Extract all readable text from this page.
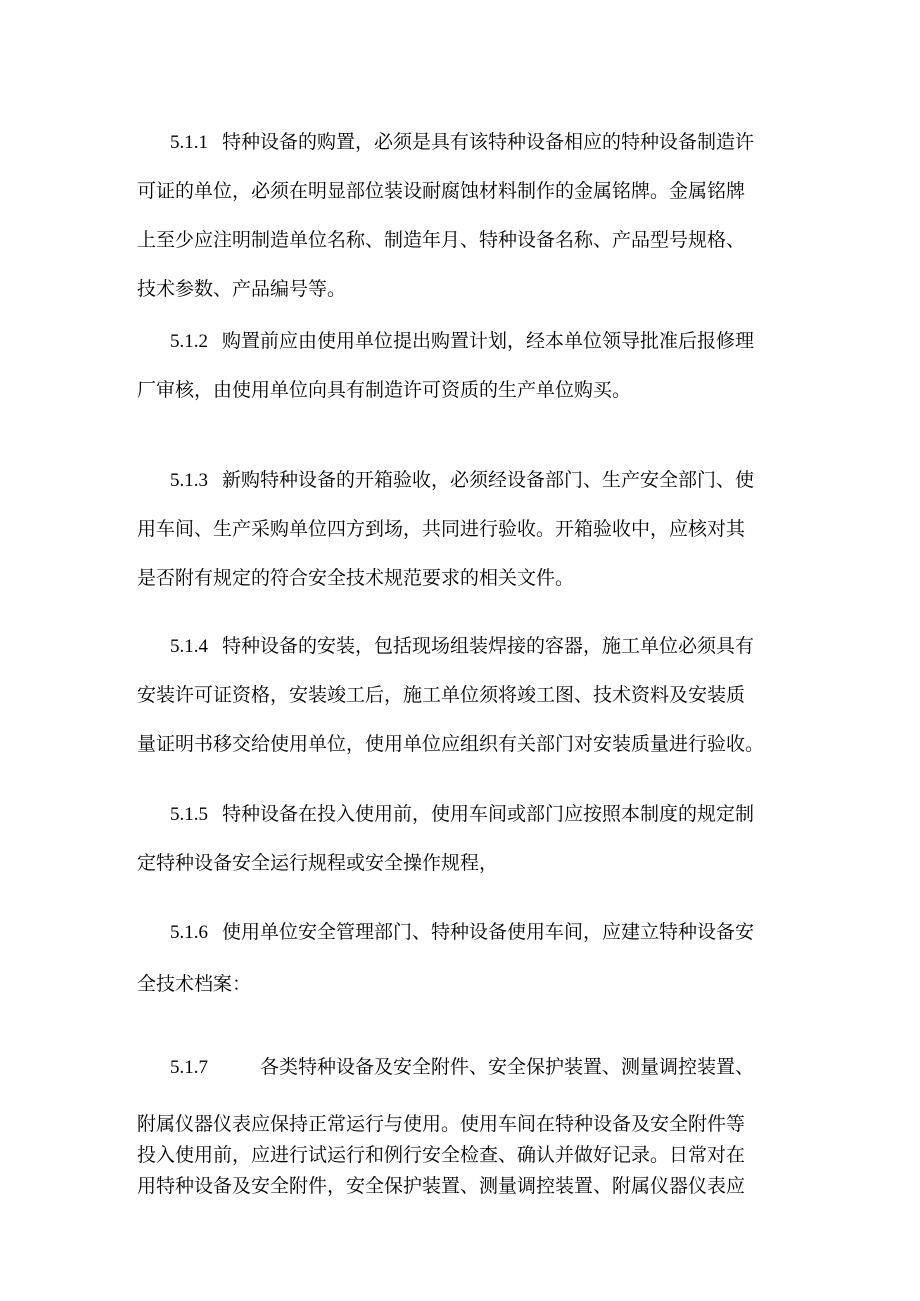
5.1.1 特种设备的购置，必须是具有该特种设备相应的特种设备制造许
可证的单位，必须在明显部位装设耐腐蚀材料制作的金属铭牌。金属铭牌
上至少应注明制造单位名称、制造年月、特种设备名称、产品型号规格、
技术参数、产品编号等。
5.1.2 购置前应由使用单位提出购置计划，经本单位领导批准后报修理
厂审核，由使用单位向具有制造许可资质的生产单位购买。
5.1.3 新购特种设备的开箱验收，必须经设备部门、生产安全部门、使
用车间、生产采购单位四方到场，共同进行验收。开箱验收中，应核对其
是否附有规定的符合安全技术规范要求的相关文件。
5.1.4 特种设备的安装，包括现场组装焊接的容器，施工单位必须具有
安装许可证资格，安装竣工后，施工单位须将竣工图、技术资料及安装质
量证明书移交给使用单位，使用单位应组织有关部门对安装质量进行验收。
5.1.5 特种设备在投入使用前，使用车间或部门应按照本制度的规定制
定特种设备安全运行规程或安全操作规程，
5.1.6 使用单位安全管理部门、特种设备使用车间，应建立特种设备安
全技术档案：
5.1.7	各类特种设备及安全附件、安全保护装置、测量调控装置、
附属仪器仪表应保持正常运行与使用。使用车间在特种设备及安全附件等
投入使用前，应进行试运行和例行安全检查、确认并做好记录。日常对在
用特种设备及安全附件，安全保护装置、测量调控装置、附属仪器仪表应
